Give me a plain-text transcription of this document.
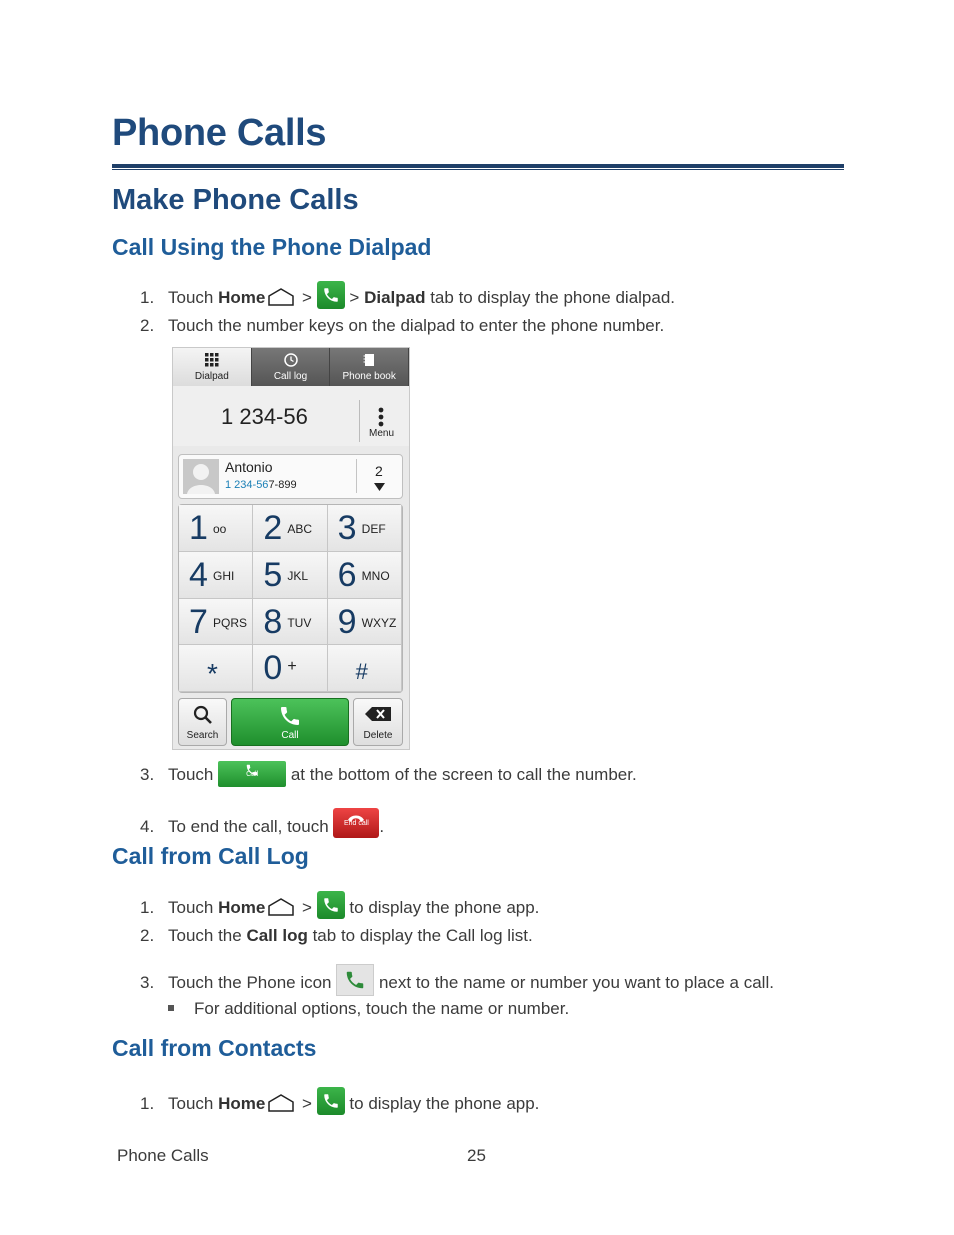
Phone Calls
Make Phone Calls
Call Using the Phone Dialpad
1. Touch Home >
> Dialpad tab to display the phone dialpad.
2. Touch the number keys on the dialpad to enter the phone number.
Dialpad	Call log	Phone book
1 234-56
Menu
Antonio
1 234-567-899
2
1 oo 2 ABC 3 DEF
4 GHI 5 JKL 6 MNO
7 PQRS 8 TUV 9 WXYZ
* 0 +	#
Search	Call	Delete
3. Touch	Call	at the bottom of the screen to call the number.
4. To end the call, touch	End call .
Call from Call Log
1. Touch Home >
to display the phone app.
2. Touch the Call log tab to display the Call log list.
3. Touch the Phone icon
next to the name or number you want to place a call.
For additional options, touch the name or number.
Call from Contacts
1. Touch Home >
to display the phone app.
Phone Calls	25
